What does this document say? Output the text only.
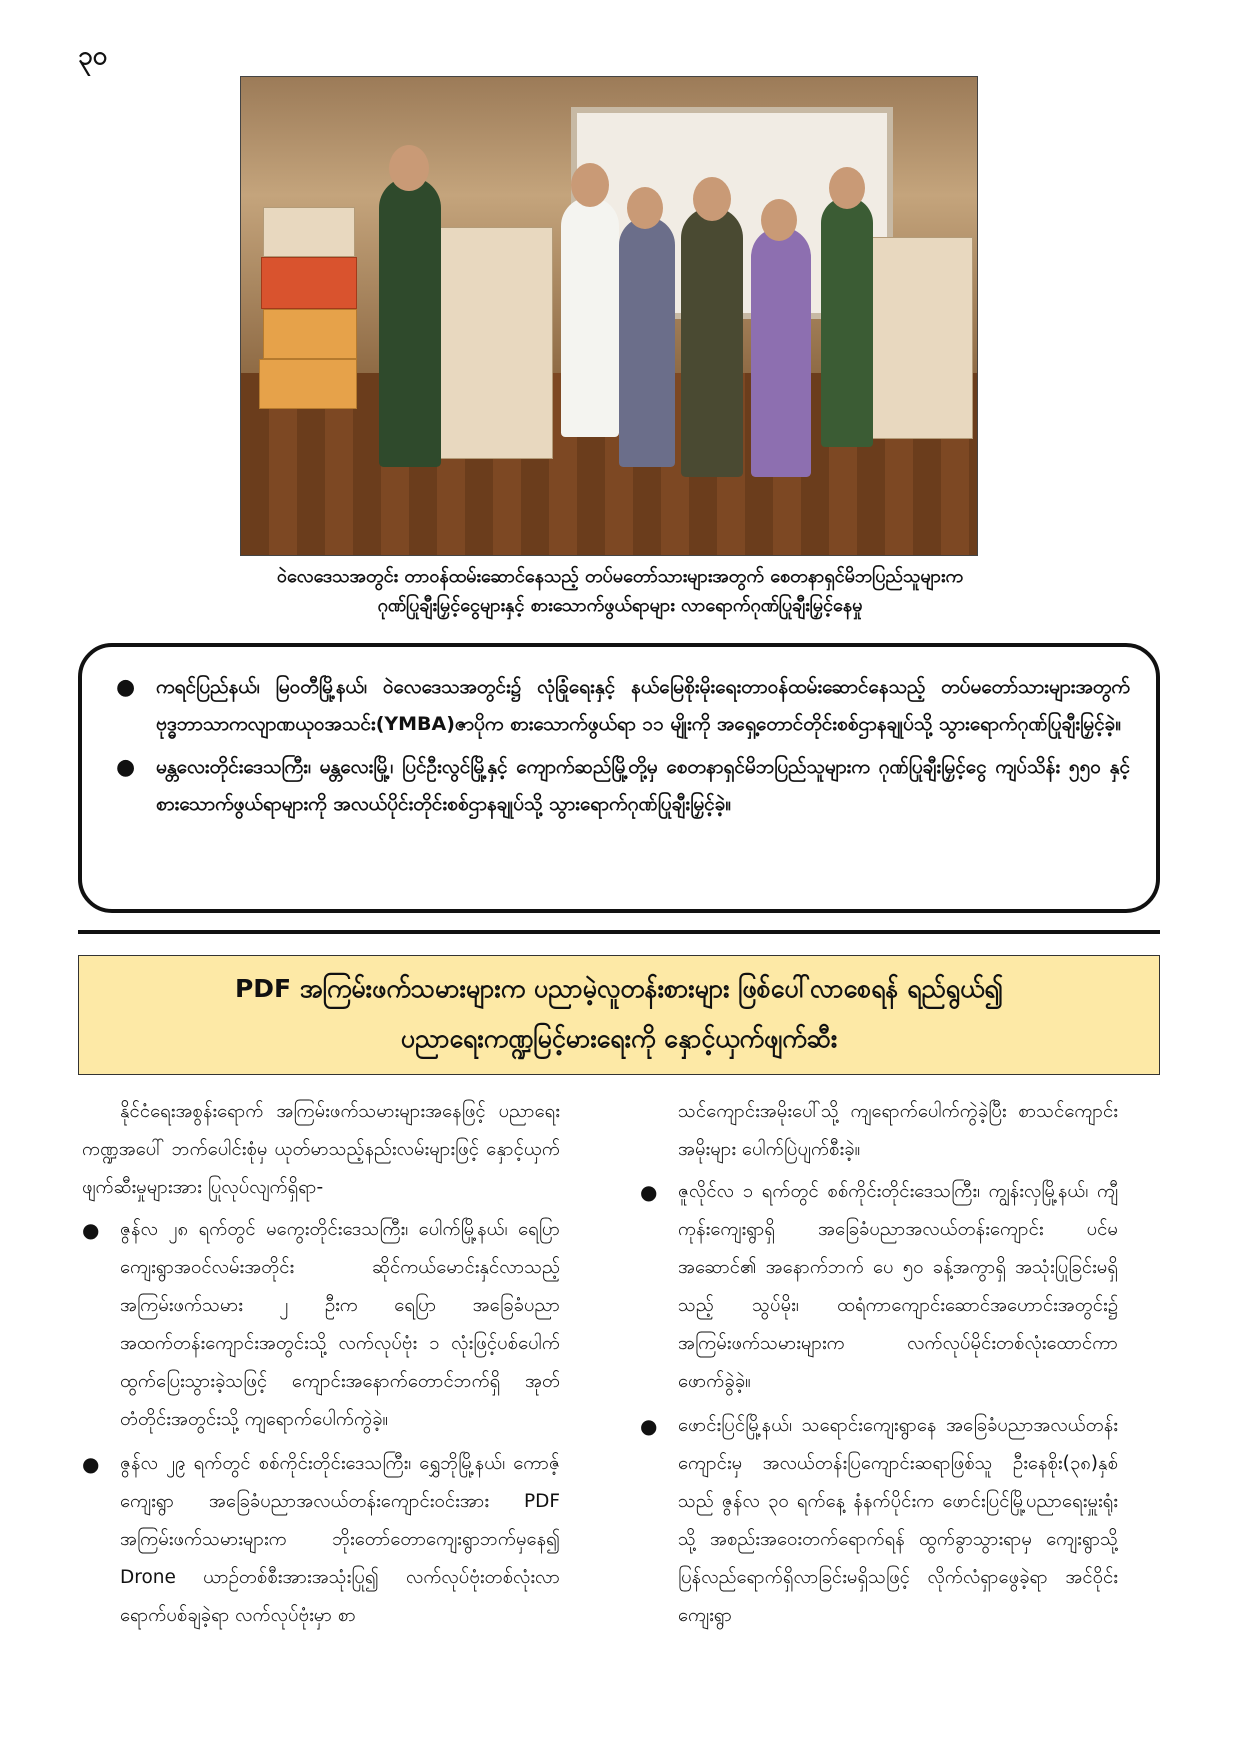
၃၀
ဝဲလေဒေသအတွင်း တာဝန်ထမ်းဆောင်နေသည့် တပ်မတော်သားများအတွက် စေတနာရှင်မိဘပြည်သူများက
ဂုဏ်ပြုချီးမြှင့်ငွေများနှင့် စားသောက်ဖွယ်ရာများ လာရောက်ဂုဏ်ပြုချီးမြှင့်နေမှု
● ကရင်ပြည်နယ်၊ မြဝတီမြို့နယ်၊ ဝဲလေဒေသအတွင်း၌ လုံခြုံရေးနှင့် နယ်မြေစိုးမိုးရေးတာဝန်ထမ်းဆောင်နေသည့် တပ်မတော်သားများအတွက် ဗုဒ္ဓဘာသာကလျာဏယုဝအသင်း(YMBA)ဇာပိုက စားသောက်ဖွယ်ရာ ၁၁ မျိုးကို အရှေ့တောင်တိုင်းစစ်ဌာနချုပ်သို့ သွားရောက်ဂုဏ်ပြုချီးမြှင့်ခဲ့။
● မန္တလေးတိုင်းဒေသကြီး၊ မန္တလေးမြို့၊ ပြင်ဦးလွင်မြို့နှင့် ကျောက်ဆည်မြို့တို့မှ စေတနာရှင်မိဘပြည်သူများက ဂုဏ်ပြုချီးမြှင့်ငွေ ကျပ်သိန်း ၅၅၀ နှင့် စားသောက်ဖွယ်ရာများကို အလယ်ပိုင်းတိုင်းစစ်ဌာနချုပ်သို့ သွားရောက်ဂုဏ်ပြုချီးမြှင့်ခဲ့။
PDF အကြမ်းဖက်သမားများက ပညာမဲ့လူတန်းစားများ ဖြစ်ပေါ်လာစေရန် ရည်ရွယ်၍
ပညာရေးကဏ္ဍမြင့်မားရေးကို နှောင့်ယှက်ဖျက်ဆီး

နိုင်ငံရေးအစွန်းရောက် အကြမ်းဖက်သမားများအနေဖြင့် ပညာရေးကဏ္ဍအပေါ် ဘက်ပေါင်းစုံမှ ယုတ်မာသည့်နည်းလမ်းများဖြင့် နှောင့်ယှက်ဖျက်ဆီးမှုများအား ပြုလုပ်လျက်ရှိရာ-

● ဇွန်လ ၂၈ ရက်တွင် မကွေးတိုင်းဒေသကြီး၊ ပေါက်မြို့နယ်၊ ရေပြာကျေးရွာအဝင်လမ်းအတိုင်း ဆိုင်ကယ်မောင်းနှင်လာသည့် အကြမ်းဖက်သမား ၂ ဦးက ရေပြာ အခြေခံပညာအထက်တန်းကျောင်းအတွင်းသို့ လက်လုပ်ဗုံး ၁ လုံးဖြင့်ပစ်ပေါက်ထွက်ပြေးသွားခဲ့သဖြင့် ကျောင်းအနောက်တောင်ဘက်ရှိ အုတ်တံတိုင်းအတွင်းသို့ ကျရောက်ပေါက်ကွဲခဲ့။

● ဇွန်လ ၂၉ ရက်တွင် စစ်ကိုင်းတိုင်းဒေသကြီး၊ ရွှေဘိုမြို့နယ်၊ ကောဇ့်ကျေးရွာ အခြေခံပညာအလယ်တန်းကျောင်းဝင်းအား PDF အကြမ်းဖက်သမားများက ဘိုးတော်တောကျေးရွာဘက်မှနေ၍ Drone ယာဉ်တစ်စီးအားအသုံးပြု၍ လက်လုပ်ဗုံးတစ်လုံးလာရောက်ပစ်ချခဲ့ရာ လက်လုပ်ဗုံးမှာ စာ

သင်ကျောင်းအမိုးပေါ်သို့ ကျရောက်ပေါက်ကွဲခဲ့ပြီး စာသင်ကျောင်းအမိုးများ ပေါက်ပြဲပျက်စီးခဲ့။

● ဇူလိုင်လ ၁ ရက်တွင် စစ်ကိုင်းတိုင်းဒေသကြီး၊ ကျွန်းလှမြို့နယ်၊ ကျီကုန်းကျေးရွာရှိ အခြေခံပညာအလယ်တန်းကျောင်း ပင်မအဆောင်၏ အနောက်ဘက် ပေ ၅၀ ခန့်အကွာရှိ အသုံးပြုခြင်းမရှိသည့် သွပ်မိုး၊ ထရံကာကျောင်းဆောင်အဟောင်းအတွင်း၌ အကြမ်းဖက်သမားများက လက်လုပ်မိုင်းတစ်လုံးထောင်ကာ ဖောက်ခွဲခဲ့။

● ဖောင်းပြင်မြို့နယ်၊ သရောင်းကျေးရွာနေ အခြေခံပညာအလယ်တန်းကျောင်းမှ အလယ်တန်းပြကျောင်းဆရာဖြစ်သူ ဦးနေစိုး(၃၈)နှစ်သည် ဇွန်လ ၃၀ ရက်နေ့ နံနက်ပိုင်းက ဖောင်းပြင်မြို့ပညာရေးမှူးရုံးသို့ အစည်းအဝေးတက်ရောက်ရန် ထွက်ခွာသွားရာမှ ကျေးရွာသို့ ပြန်လည်ရောက်ရှိလာခြင်းမရှိသဖြင့် လိုက်လံရှာဖွေခဲ့ရာ အင်ဝိုင်းကျေးရွာ
